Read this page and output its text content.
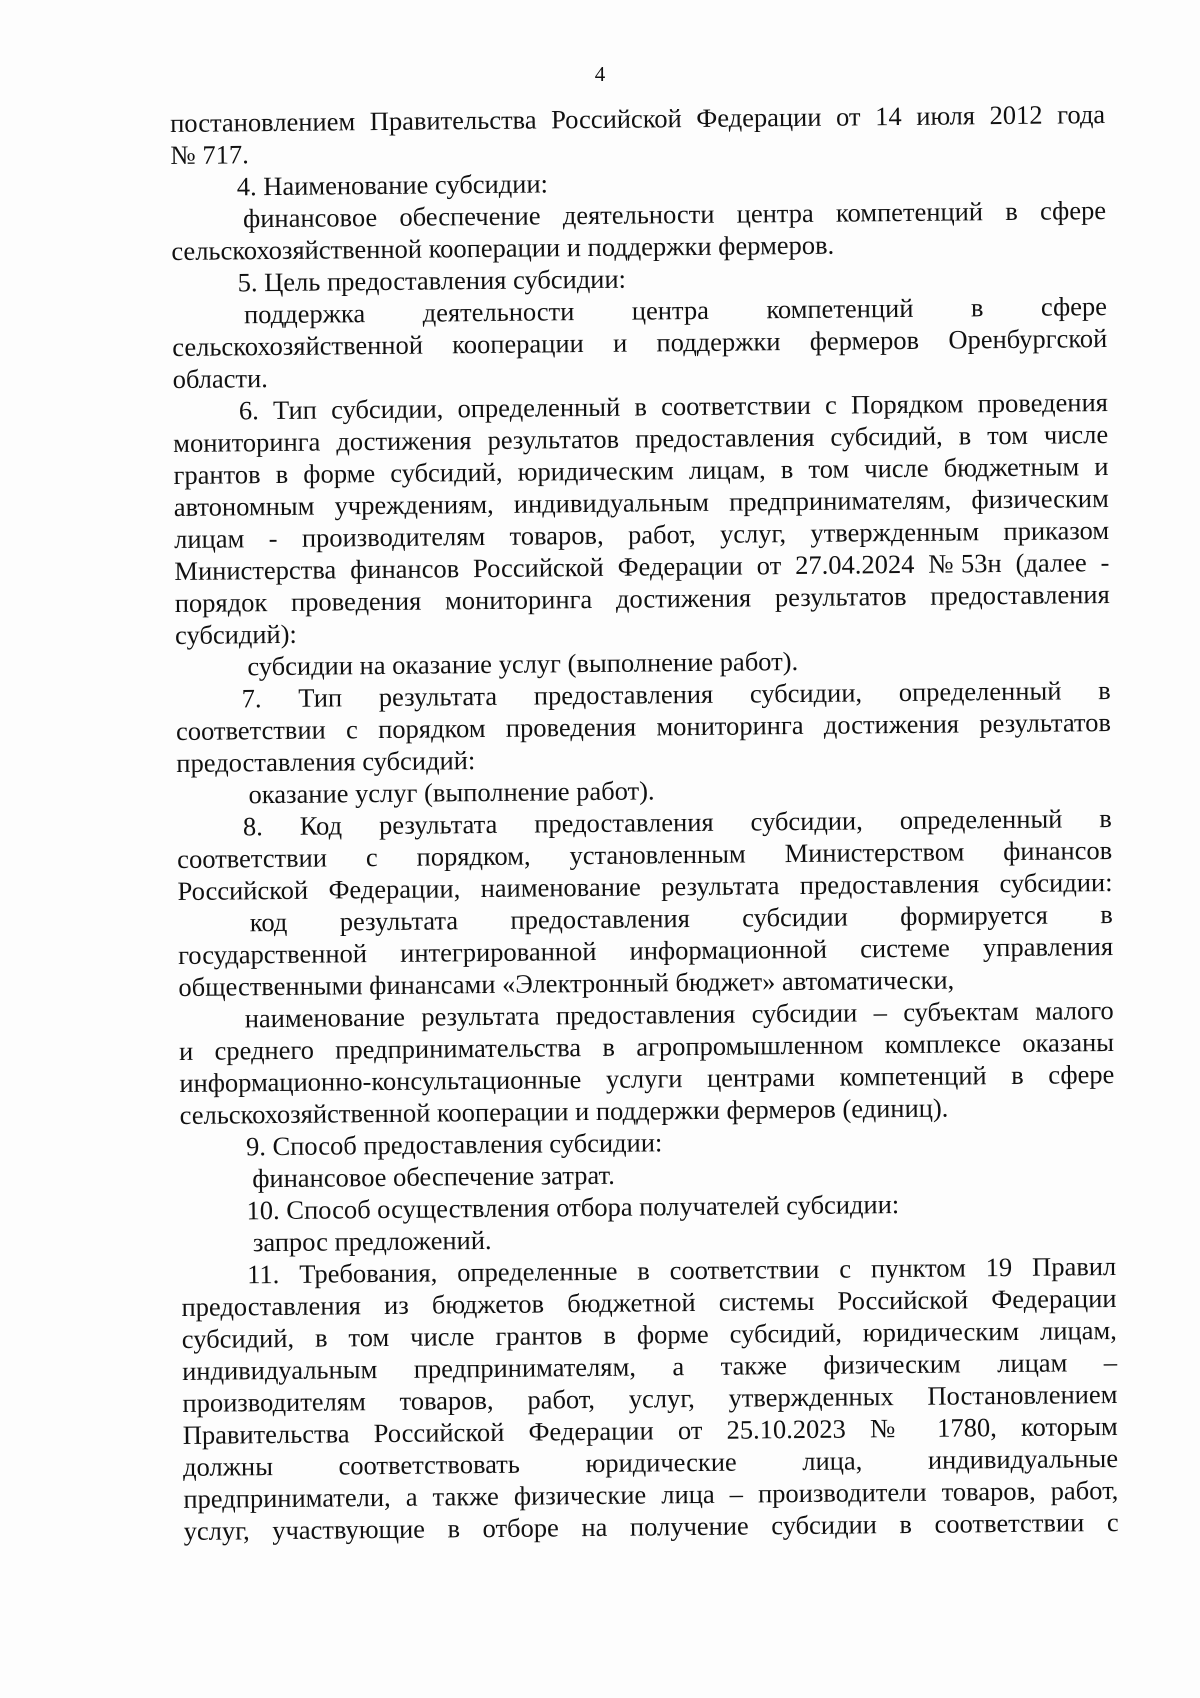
4
постановлением Правительства Российской Федерации от 14 июля 2012 года
№ 717.
4. Наименование субсидии:
финансовое обеспечение деятельности центра компетенций в сфере
сельскохозяйственной кооперации и поддержки фермеров.
5. Цель предоставления субсидии:
поддержка деятельности центра компетенций в сфере
сельскохозяйственной кооперации и поддержки фермеров Оренбургской
области.
6. Тип субсидии, определенный в соответствии с Порядком проведения
мониторинга достижения результатов предоставления субсидий, в том числе
грантов в форме субсидий, юридическим лицам, в том числе бюджетным и
автономным учреждениям, индивидуальным предпринимателям, физическим
лицам - производителям товаров, работ, услуг, утвержденным приказом
Министерства финансов Российской Федерации от 27.04.2024 №53н (далее -
порядок проведения мониторинга достижения результатов предоставления
субсидий):
субсидии на оказание услуг (выполнение работ).
7. Тип результата предоставления субсидии, определенный в
соответствии с порядком проведения мониторинга достижения результатов
предоставления субсидий:
оказание услуг (выполнение работ).
8. Код результата предоставления субсидии, определенный в
соответствии с порядком, установленным Министерством финансов
Российской Федерации, наименование результата предоставления субсидии:
код результата предоставления субсидии формируется в
государственной интегрированной информационной системе управления
общественными финансами «Электронный бюджет» автоматически,
наименование результата предоставления субсидии – субъектам малого
и среднего предпринимательства в агропромышленном комплексе оказаны
информационно-консультационные услуги центрами компетенций в сфере
сельскохозяйственной кооперации и поддержки фермеров (единиц).
9. Способ предоставления субсидии:
финансовое обеспечение затрат.
10. Способ осуществления отбора получателей субсидии:
запрос предложений.
11. Требования, определенные в соответствии с пунктом 19 Правил
предоставления из бюджетов бюджетной системы Российской Федерации
субсидий, в том числе грантов в форме субсидий, юридическим лицам,
индивидуальным предпринимателям, а также физическим лицам –
производителям товаров, работ, услуг, утвержденных Постановлением
Правительства Российской Федерации от 25.10.2023 № 1780, которым
должны соответствовать юридические лица, индивидуальные
предприниматели, а также физические лица – производители товаров, работ,
услуг, участвующие в отборе на получение субсидии в соответствии с
